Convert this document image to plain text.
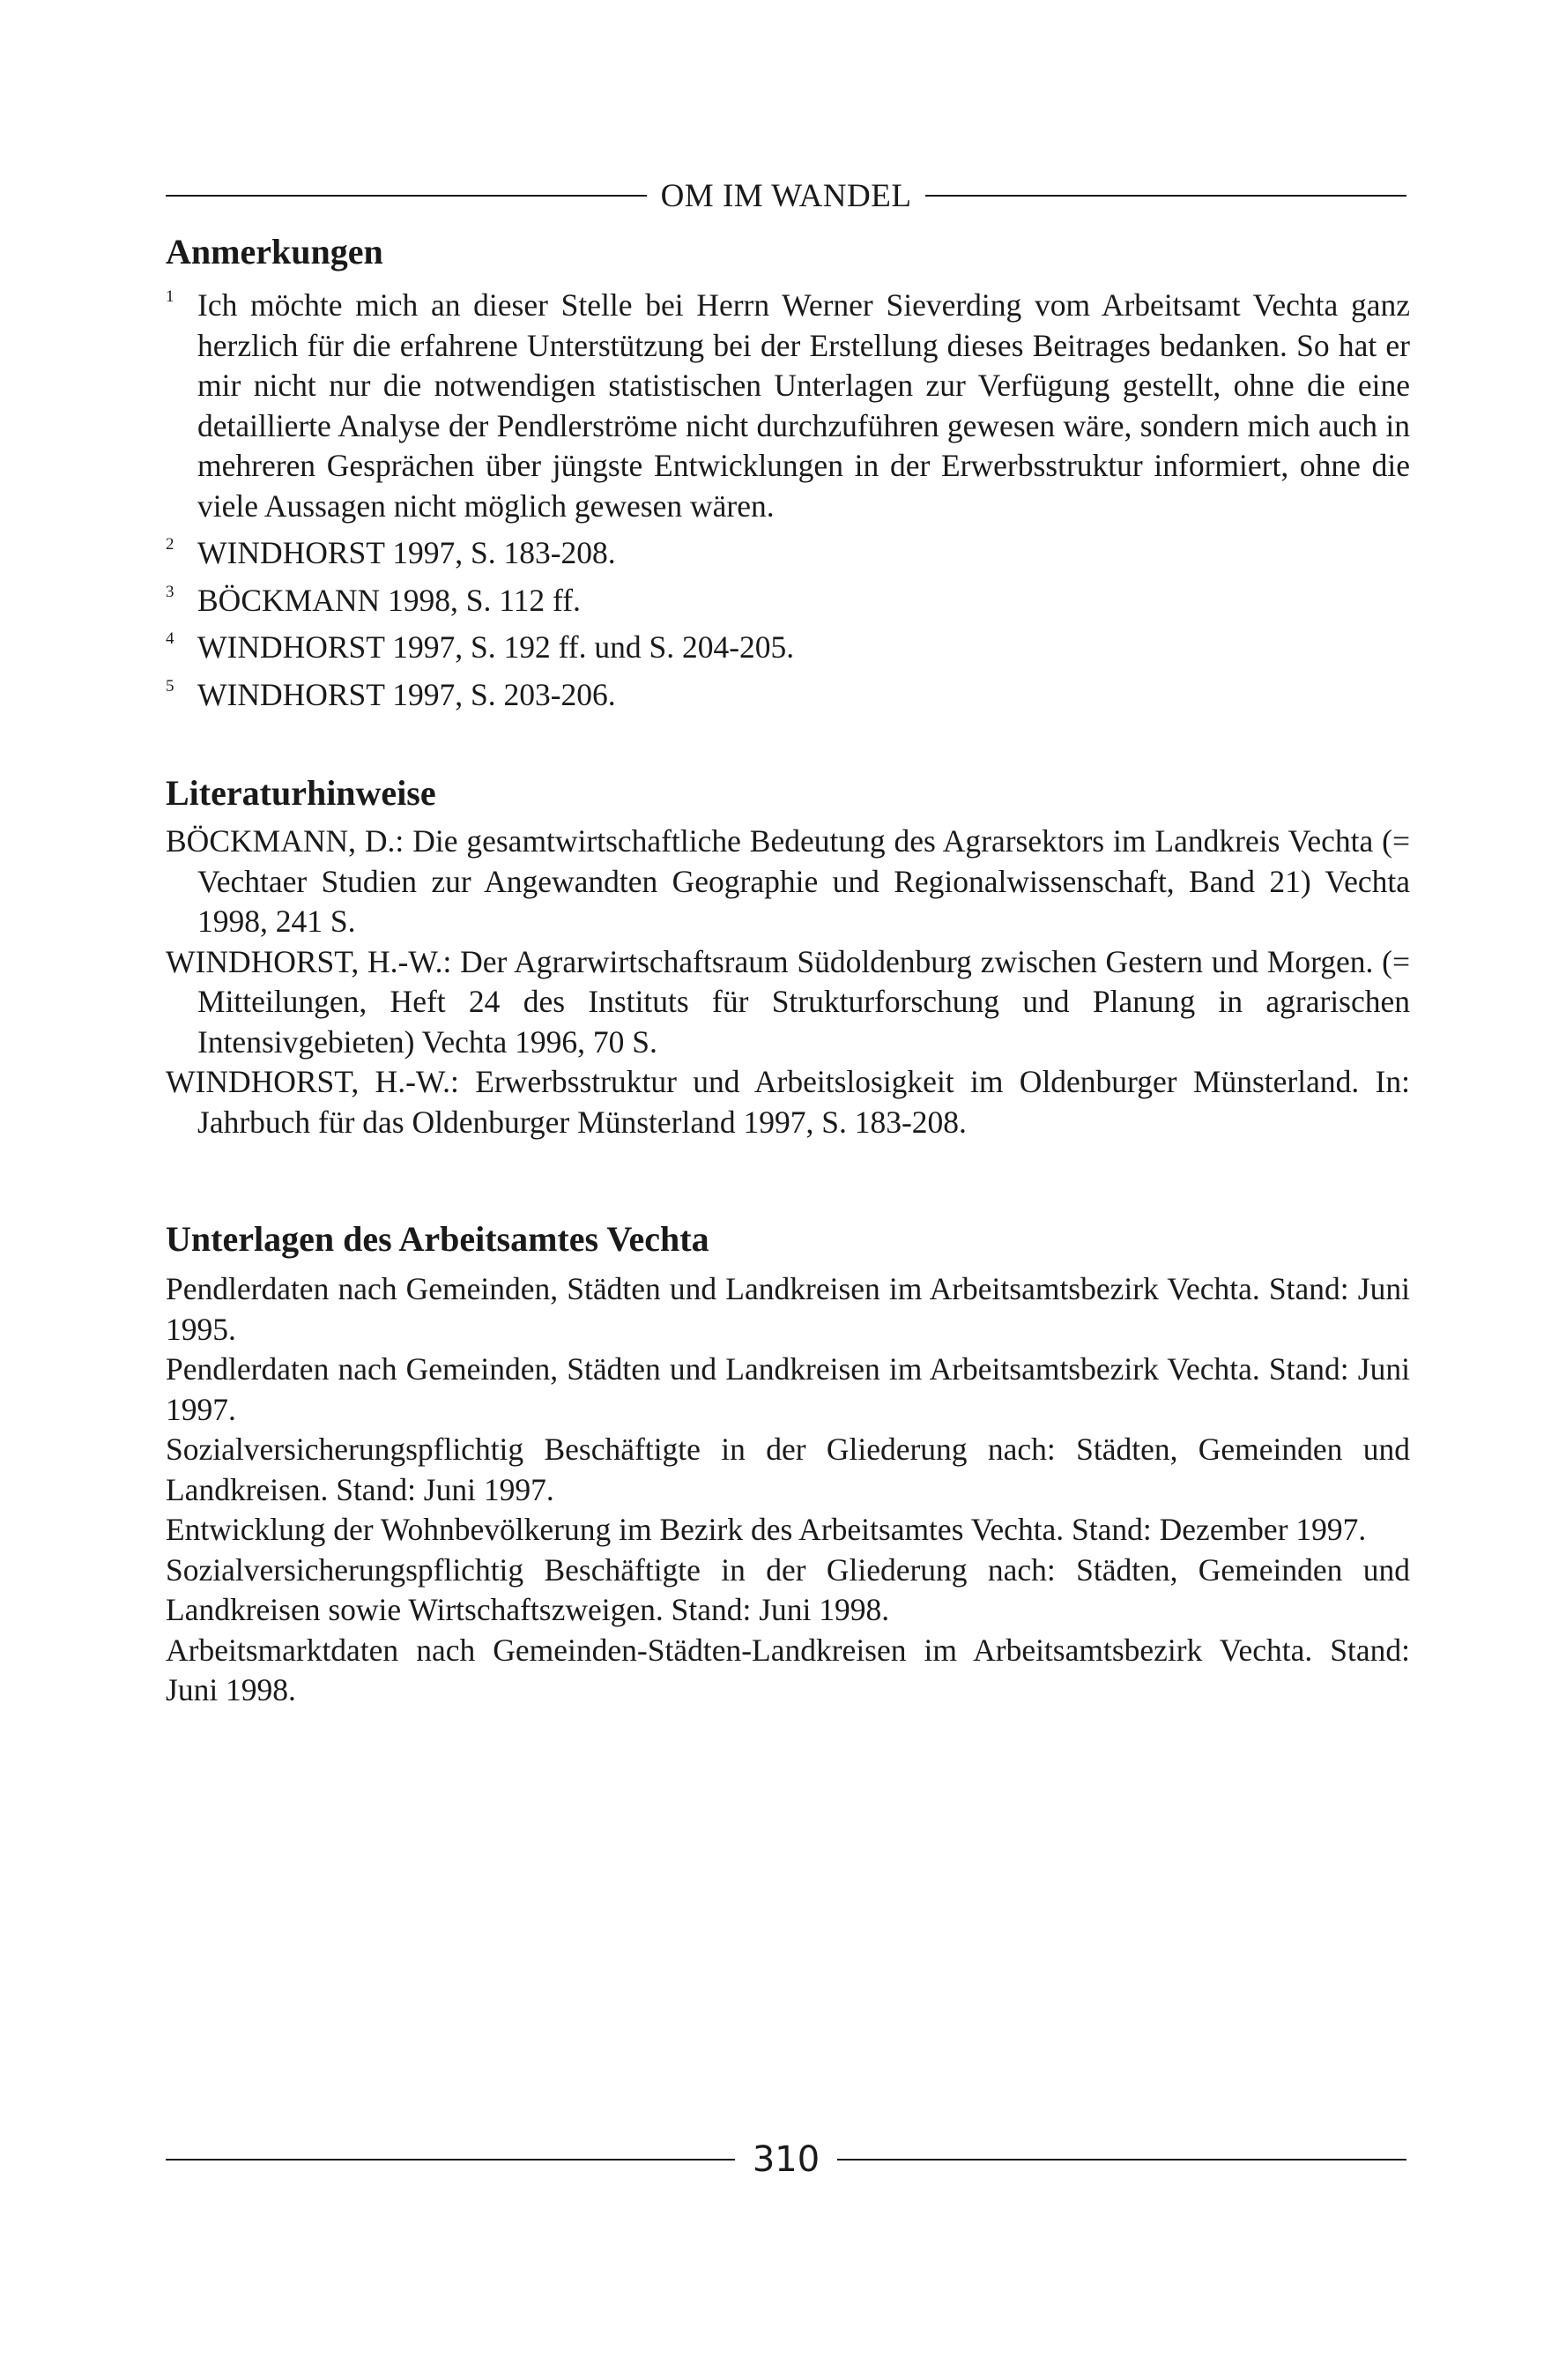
OM IM WANDEL
Anmerkungen
1 Ich möchte mich an dieser Stelle bei Herrn Werner Sieverding vom Arbeitsamt Vechta ganz herzlich für die erfahrene Unterstützung bei der Erstellung dieses Beitrages bedanken. So hat er mir nicht nur die notwendigen statistischen Unterlagen zur Verfügung gestellt, ohne die eine detaillierte Analyse der Pendlerströme nicht durchzuführen gewesen wäre, sondern mich auch in mehreren Gesprächen über jüngste Entwicklungen in der Erwerbsstruktur informiert, ohne die viele Aussagen nicht möglich gewesen wären.
2 WINDHORST 1997, S. 183-208.
3 BÖCKMANN 1998, S. 112 ff.
4 WINDHORST 1997, S. 192 ff. und S. 204-205.
5 WINDHORST 1997, S. 203-206.
Literaturhinweise

BÖCKMANN, D.: Die gesamtwirtschaftliche Bedeutung des Agrarsektors im Landkreis Vechta (= Vechtaer Studien zur Angewandten Geographie und Regionalwissenschaft, Band 21) Vechta 1998, 241 S.

WINDHORST, H.-W.: Der Agrarwirtschaftsraum Südoldenburg zwischen Gestern und Morgen. (= Mitteilungen, Heft 24 des Instituts für Strukturforschung und Planung in agrarischen Intensivgebieten) Vechta 1996, 70 S.

WINDHORST, H.-W.: Erwerbsstruktur und Arbeitslosigkeit im Oldenburger Münsterland. In: Jahrbuch für das Oldenburger Münsterland 1997, S. 183-208.

Unterlagen des Arbeitsamtes Vechta

Pendlerdaten nach Gemeinden, Städten und Landkreisen im Arbeitsamtsbezirk Vechta. Stand: Juni 1995.

Pendlerdaten nach Gemeinden, Städten und Landkreisen im Arbeitsamtsbezirk Vechta. Stand: Juni 1997.

Sozialversicherungspflichtig Beschäftigte in der Gliederung nach: Städten, Gemeinden und Landkreisen. Stand: Juni 1997.

Entwicklung der Wohnbevölkerung im Bezirk des Arbeitsamtes Vechta. Stand: Dezember 1997.

Sozialversicherungspflichtig Beschäftigte in der Gliederung nach: Städten, Gemeinden und Landkreisen sowie Wirtschaftszweigen. Stand: Juni 1998.

Arbeitsmarktdaten nach Gemeinden-Städten-Landkreisen im Arbeitsamtsbezirk Vechta. Stand: Juni 1998.

310
